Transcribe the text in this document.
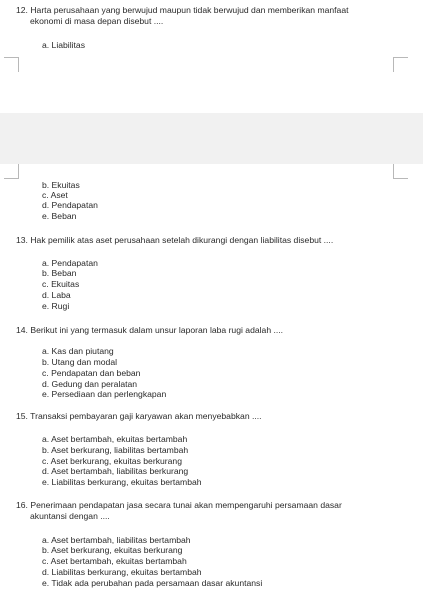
12. Harta perusahaan yang berwujud maupun tidak berwujud dan memberikan manfaat
ekonomi di masa depan disebut ....
a. Liabilitas
b. Ekuitas
c. Aset
d. Pendapatan
e. Beban
13. Hak pemilik atas aset perusahaan setelah dikurangi dengan liabilitas disebut ....
a. Pendapatan
b. Beban
c. Ekuitas
d. Laba
e. Rugi
14. Berikut ini yang termasuk dalam unsur laporan laba rugi adalah ....
a. Kas dan piutang
b. Utang dan modal
c. Pendapatan dan beban
d. Gedung dan peralatan
e. Persediaan dan perlengkapan
15. Transaksi pembayaran gaji karyawan akan menyebabkan ....
a. Aset bertambah, ekuitas bertambah
b. Aset berkurang, liabilitas bertambah
c. Aset berkurang, ekuitas berkurang
d. Aset bertambah, liabilitas berkurang
e. Liabilitas berkurang, ekuitas bertambah
16. Penerimaan pendapatan jasa secara tunai akan mempengaruhi persamaan dasar
akuntansi dengan ....
a. Aset bertambah, liabilitas bertambah
b. Aset berkurang, ekuitas berkurang
c. Aset bertambah, ekuitas bertambah
d. Liabilitas berkurang, ekuitas bertambah
e. Tidak ada perubahan pada persamaan dasar akuntansi
